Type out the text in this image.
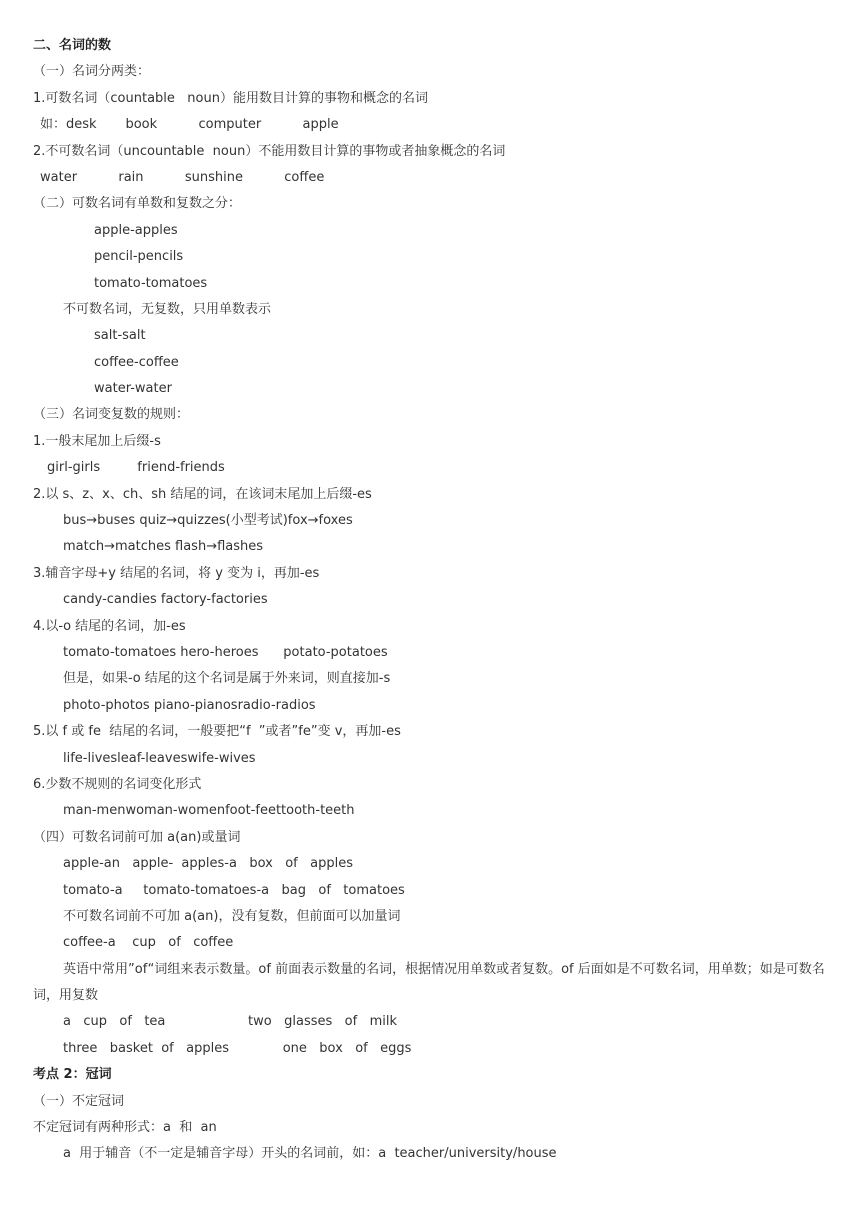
二、名词的数
（一）名词分两类：
1.可数名词（countable   noun）能用数目计算的事物和概念的名词
如：desk       book          computer          apple
2.不可数名词（uncountable  noun）不能用数目计算的事物或者抽象概念的名词
water          rain          sunshine          coffee
（二）可数名词有单数和复数之分：
apple-apples
pencil-pencils
tomato-tomatoes
不可数名词，无复数，只用单数表示
salt-salt
coffee-coffee
water-water
（三）名词变复数的规则：
1.一般末尾加上后缀-s
girl-girls         friend-friends
2.以 s、z、x、ch、sh 结尾的词，在该词末尾加上后缀-es
bus→buses quiz→quizzes(小型考试)fox→foxes
match→matches flash→flashes
3.辅音字母+y 结尾的名词，将 y 变为 i，再加-es
candy-candies factory-factories
4.以-o 结尾的名词，加-es
tomato-tomatoes hero-heroes      potato-potatoes
但是，如果-o 结尾的这个名词是属于外来词，则直接加-s
photo-photos piano-pianosradio-radios
5.以 f 或 fe  结尾的名词，一般要把“f  ”或者”fe”变 v，再加-es
life-livesleaf-leaveswife-wives
6.少数不规则的名词变化形式
man-menwoman-womenfoot-feettooth-teeth
（四）可数名词前可加 a(an)或量词
apple-an   apple-  apples-a   box   of   apples
tomato-a     tomato-tomatoes-a   bag   of   tomatoes
不可数名词前不可加 a(an)，没有复数，但前面可以加量词
coffee-a    cup   of   coffee
英语中常用”of“词组来表示数量。of 前面表示数量的名词，根据情况用单数或者复数。of 后面如是不可数名词，用单数；如是可数名词，用复数
a   cup   of   tea                    two   glasses   of   milk
three   basket  of   apples             one   box   of   eggs
考点 2：冠词
（一）不定冠词
不定冠词有两种形式：a  和  an
a  用于辅音（不一定是辅音字母）开头的名词前，如：a  teacher/university/house
